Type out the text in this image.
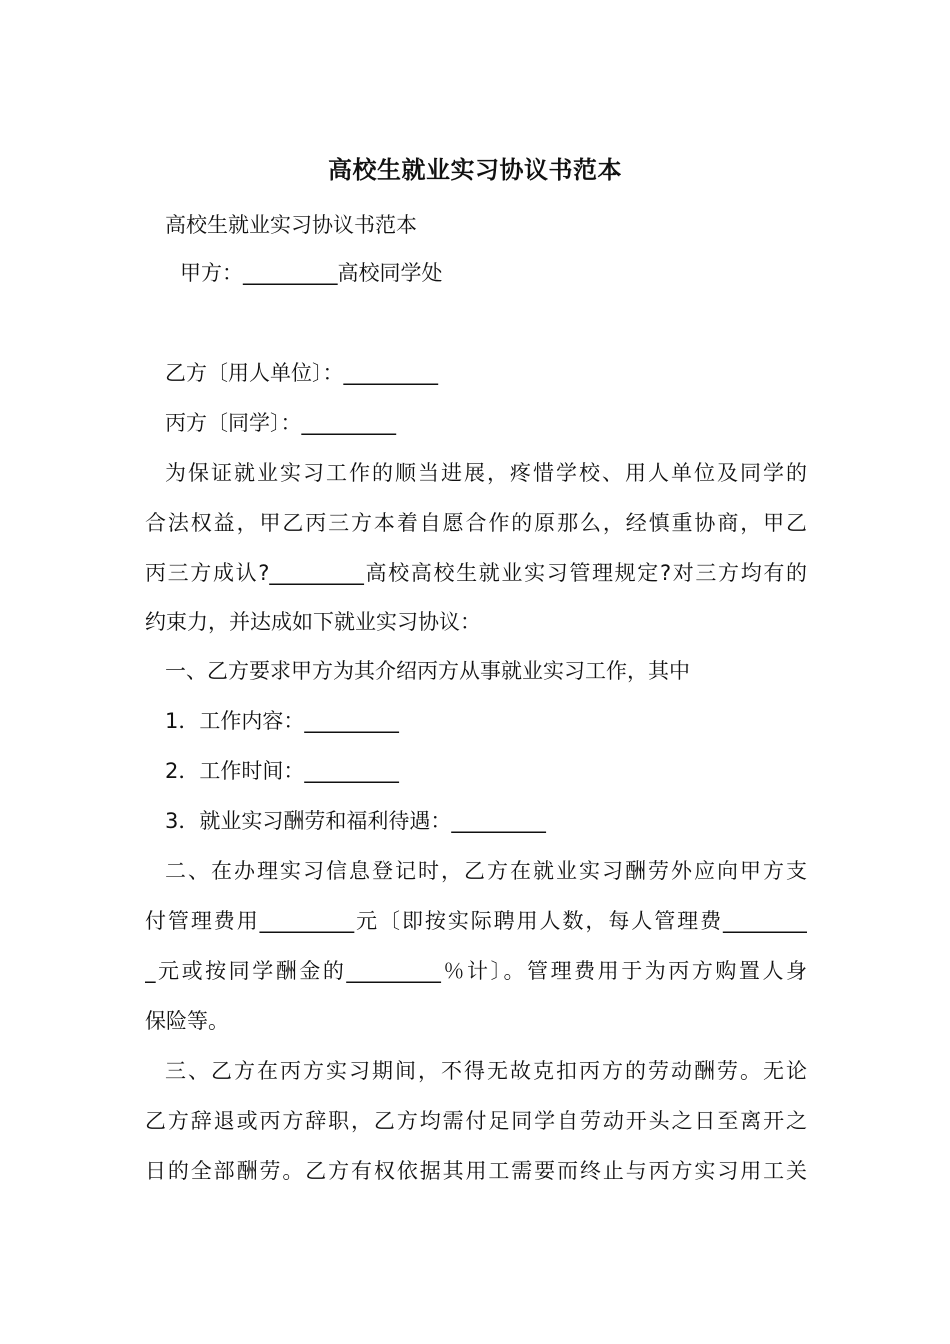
高校生就业实习协议书范本
高校生就业实习协议书范本
甲方：_________高校同学处
乙方〔用人单位〕：_________
丙方〔同学〕：_________
为保证就业实习工作的顺当进展，疼惜学校、用人单位及同学的
合法权益，甲乙丙三方本着自愿合作的原那么，经慎重协商，甲乙
丙三方成认?_________高校高校生就业实习管理规定?对三方均有的
约束力，并达成如下就业实习协议：
一、乙方要求甲方为其介绍丙方从事就业实习工作，其中
1．工作内容：_________
2．工作时间：_________
3．就业实习酬劳和福利待遇：_________
二、在办理实习信息登记时，乙方在就业实习酬劳外应向甲方支
付管理费用_________元〔即按实际聘用人数，每人管理费________
_元或按同学酬金的_________％计〕。管理费用于为丙方购置人身
保险等。
三、乙方在丙方实习期间，不得无故克扣丙方的劳动酬劳。无论
乙方辞退或丙方辞职，乙方均需付足同学自劳动开头之日至离开之
日的全部酬劳。乙方有权依据其用工需要而终止与丙方实习用工关
